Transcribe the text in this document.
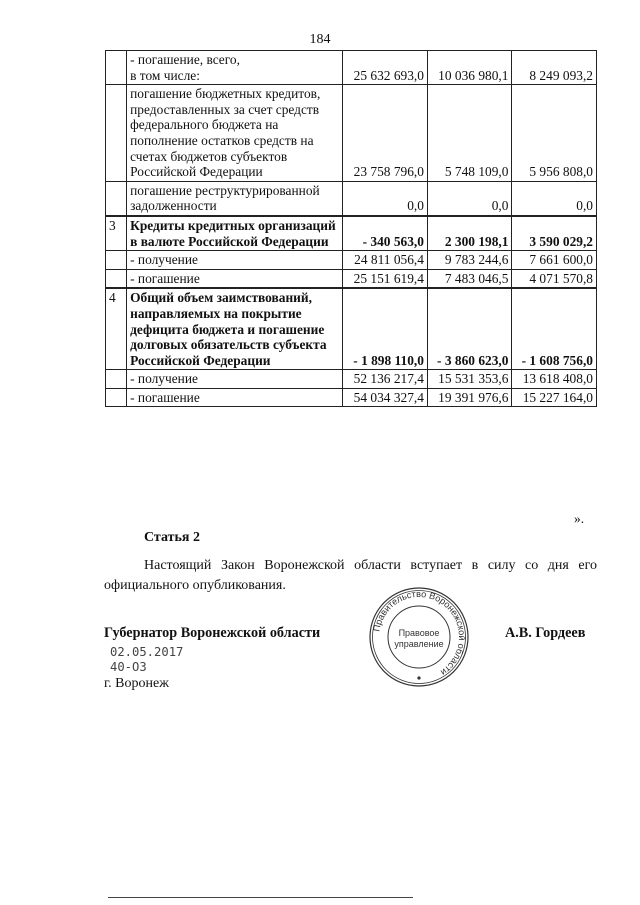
184
	- погашение, всего,
в том числе:	25 632 693,0	10 036 980,1	8 249 093,2
	погашение бюджетных кредитов, предоставленных за счет средств федерального бюджета на пополнение остатков средств на счетах бюджетов субъектов Российской Федерации	23 758 796,0	5 748 109,0	5 956 808,0
	погашение реструктурированной задолженности	0,0	0,0	0,0
3	Кредиты кредитных организаций в валюте Российской Федерации	- 340 563,0	2 300 198,1	3 590 029,2
	- получение	24 811 056,4	9 783 244,6	7 661 600,0
	- погашение	25 151 619,4	7 483 046,5	4 071 570,8
4	Общий объем заимствований, направляемых на покрытие дефицита бюджета и погашение долговых обязательств субъекта Российской Федерации	- 1 898 110,0	- 3 860 623,0	- 1 608 756,0
	- получение	52 136 217,4	15 531 353,6	13 618 408,0
	- погашение	54 034 327,4	19 391 976,6	15 227 164,0
».
Статья 2
Настоящий Закон Воронежской области вступает в силу со дня его официального опубликования.
Губернатор Воронежской области	А.В. Гордеев
02.05.2017
40-ОЗ
г. Воронеж
Правительство Воронежской области
Правовое
управление
